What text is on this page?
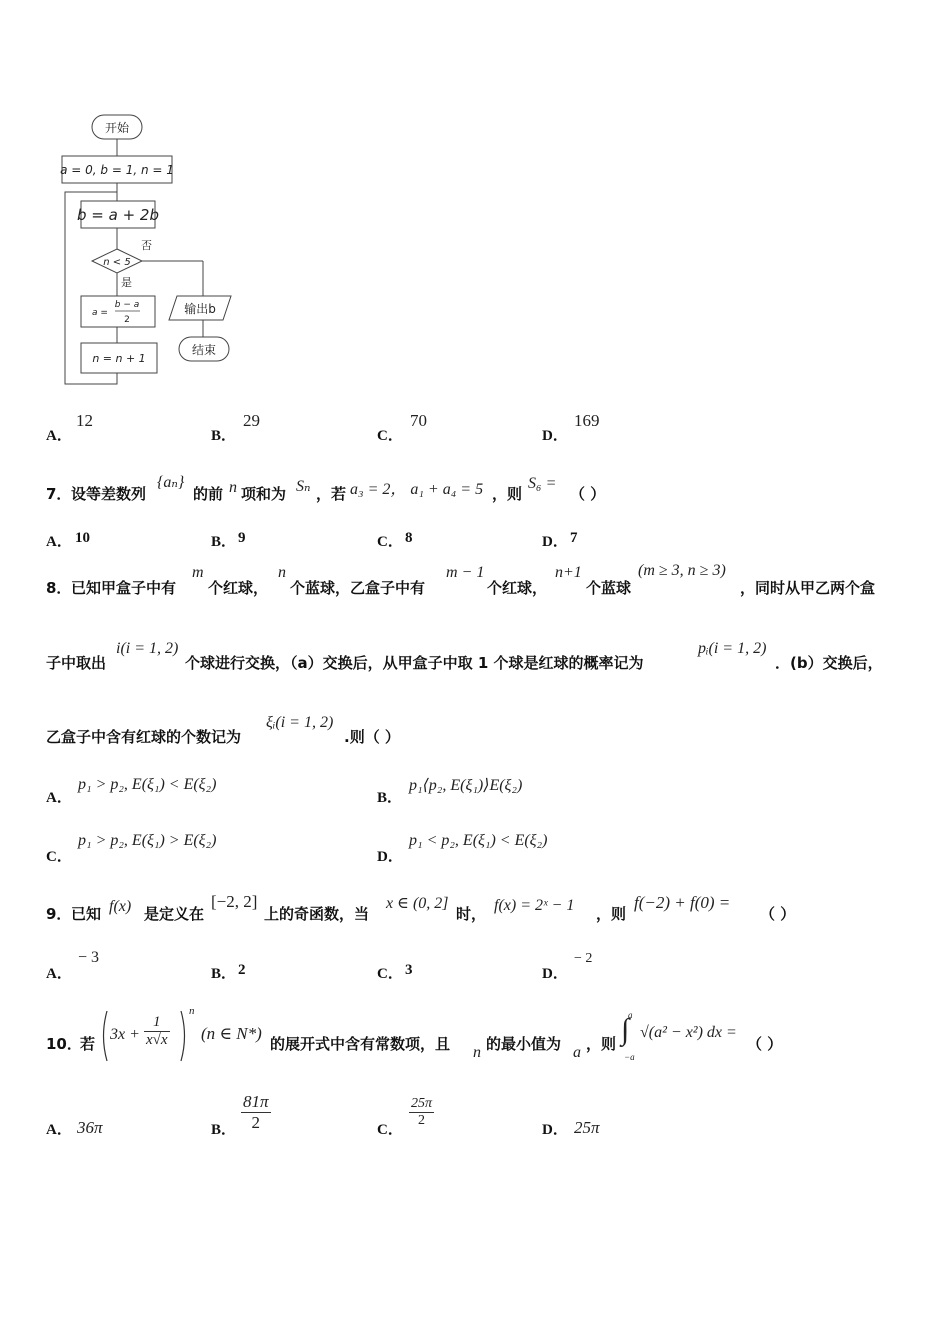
开始
a = 0, b = 1, n = 1
b = a + 2b
n < 5
否
是
a =
b − a
2
n = n + 1
输出b
结束
A．
12
B．
29
C．
70
D．
169
7． 设等差数列
{aₙ}
的前 n 项和为 Sₙ ，若 a₃ = 2， a₁ + a₄ = 5 ，则
S₆ =
（ ）
A． 10	B． 9	C． 8	D． 7
8． 已知甲盒子中有
m
个红球，
n
个蓝球，乙盒子中有
m − 1
个红球，
n+1
个蓝球
(m ≥ 3, n ≥ 3)
，同时从甲乙两个盒
子中取出
i(i = 1, 2)
个球进行交换，（a）交换后，从甲盒子中取 1 个球是红球的概率记为
pᵢ(i = 1, 2)
．(b）交换后，
乙盒子中含有红球的个数记为
ξᵢ(i = 1, 2)
.则（ ）
A．
p₁ > p₂, E(ξ₁) < E(ξ₂)
B．
p₁⟨p₂, E(ξ₁)⟩E(ξ₂)
C．
p₁ > p₂, E(ξ₁) > E(ξ₂)
D．
p₁ < p₂, E(ξ₁) < E(ξ₂)
9． 已知 f(x) 是定义在
[−2, 2]
上的奇函数，当
x ∈ (0, 2]
时， f(x) = 2ˣ − 1 ，则
f(−2) + f(0) =
（ ）
A．
− 3
B． 2	C． 3	D．
− 2
10．
若
$3x + \frac{1}{x√x}$
n
(n ∈ N*)
的展开式中含有常数项，且 n 的最小值为 a ，则 ∫
a
−a
√(a² − x²) dx =
（ ）
A． 36π	B． $\frac{81\pi}{2}$	C．
$\frac{25\pi}{2}$
D． 25π
